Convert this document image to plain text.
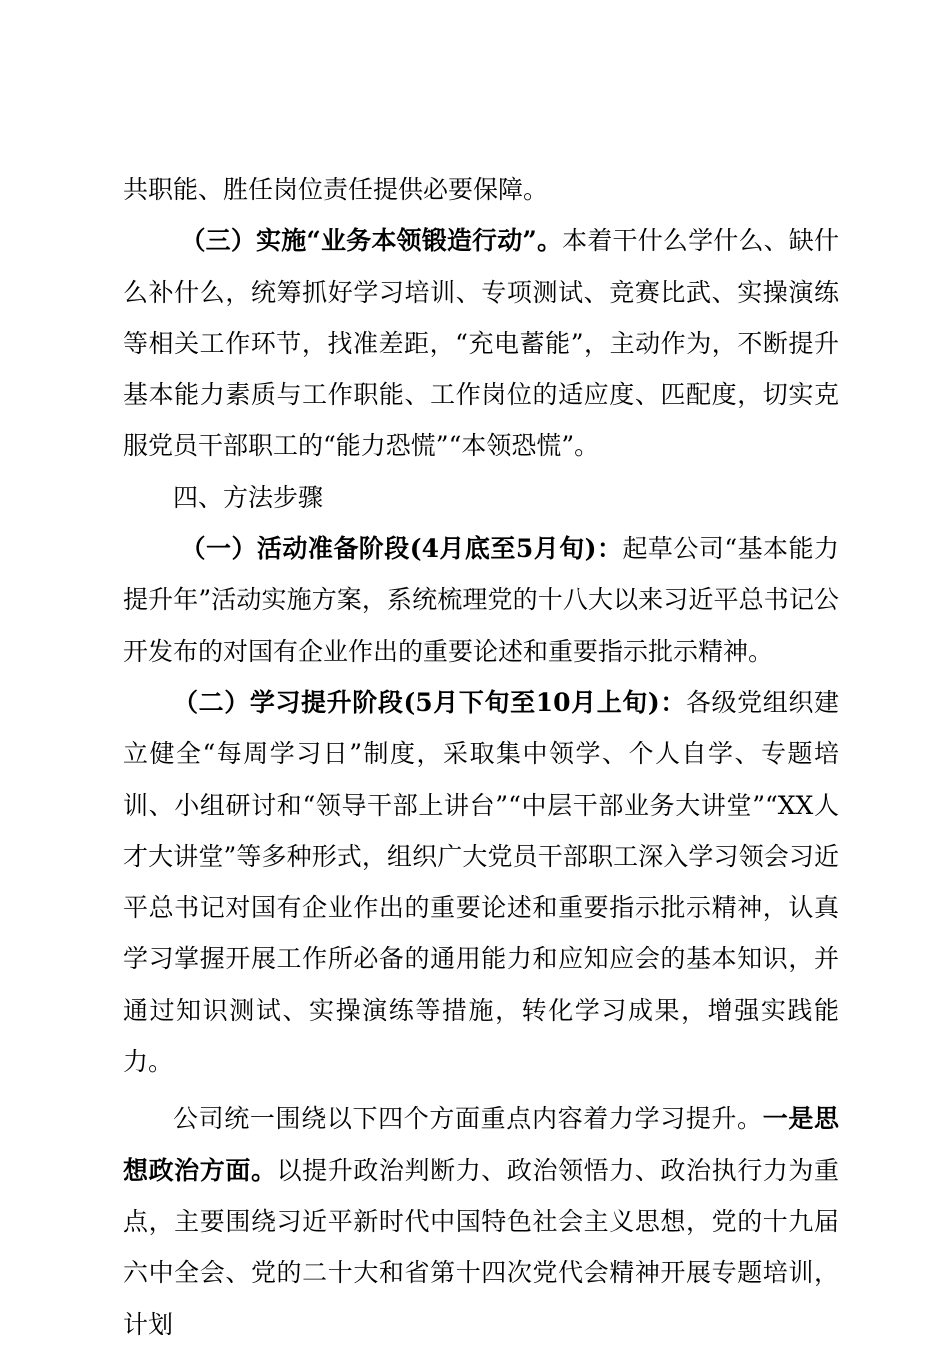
共职能、胜任岗位责任提供必要保障。

（三）实施“业务本领锻造行动”。本着干什么学什么、缺什么补什么，统筹抓好学习培训、专项测试、竞赛比武、实操演练等相关工作环节，找准差距，“充电蓄能”，主动作为，不断提升基本能力素质与工作职能、工作岗位的适应度、匹配度，切实克服党员干部职工的“能力恐慌”“本领恐慌”。

四、方法步骤

（一）活动准备阶段(4月底至5月旬)：起草公司“基本能力提升年”活动实施方案，系统梳理党的十八大以来习近平总书记公开发布的对国有企业作出的重要论述和重要指示批示精神。

（二）学习提升阶段(5月下旬至10月上旬)：各级党组织建立健全“每周学习日”制度，采取集中领学、个人自学、专题培训、小组研讨和“领导干部上讲台”“中层干部业务大讲堂”“XX人才大讲堂”等多种形式，组织广大党员干部职工深入学习领会习近平总书记对国有企业作出的重要论述和重要指示批示精神，认真学习掌握开展工作所必备的通用能力和应知应会的基本知识，并通过知识测试、实操演练等措施，转化学习成果，增强实践能力。

公司统一围绕以下四个方面重点内容着力学习提升。一是思想政治方面。以提升政治判断力、政治领悟力、政治执行力为重点，主要围绕习近平新时代中国特色社会主义思想，党的十九届六中全会、党的二十大和省第十四次党代会精神开展专题培训，计划
